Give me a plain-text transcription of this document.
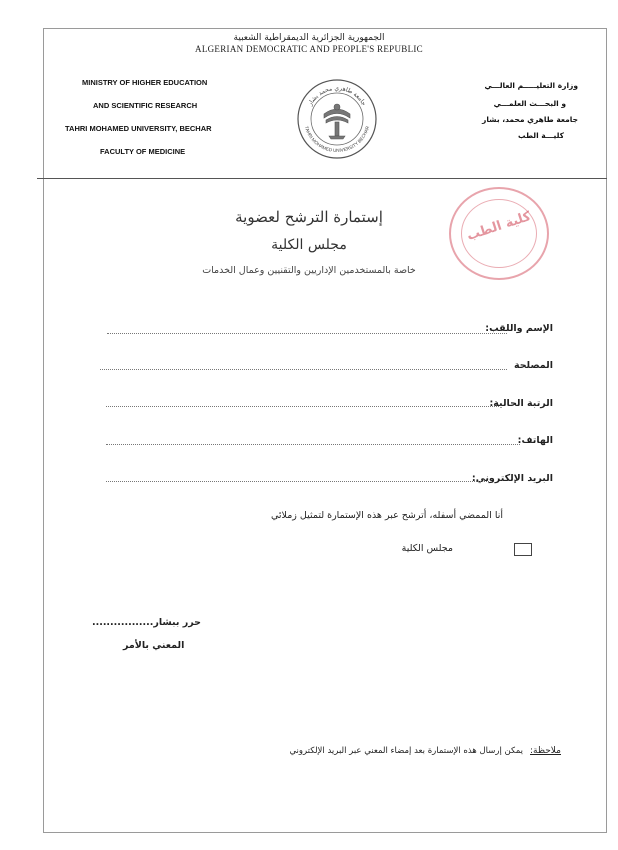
الجمهورية الجزائرية الديمقراطية الشعبية
ALGERIAN DEMOCRATIC AND PEOPLE'S REPUBLIC
MINISTRY OF HIGHER EDUCATION
AND SCIENTIFIC RESEARCH
TAHRI MOHAMED UNIVERSITY, BECHAR
FACULTY OF MEDICINE
وزارة التعليـــــم العالـــي
و البحـــث العلمـــي
جامعة طاهري محمد، بشار
كليـــة الطب
جامعة طاهري محمد بشار
TAHRI MOHAMED UNIVERSITY BECHAR
كلية الطب
إستمارة الترشح لعضوية
مجلس الكلية
خاصة بالمستخدمين الإداريين والتقنيين وعمال الخدمات
الإسم واللقب:
المصلحة
الرتبة الحالية:
الهاتف:
البريد الإلكتروني:
أنا الممضي أسفله، أترشح عبر هذه الإستمارة لتمثيل زملائي
مجلس الكلية
حرر ببشار.................
المعني بالأمر
ملاحظة:
يمكن إرسال هذه الإستمارة بعد إمضاء المعني عبر البريد الإلكتروني
